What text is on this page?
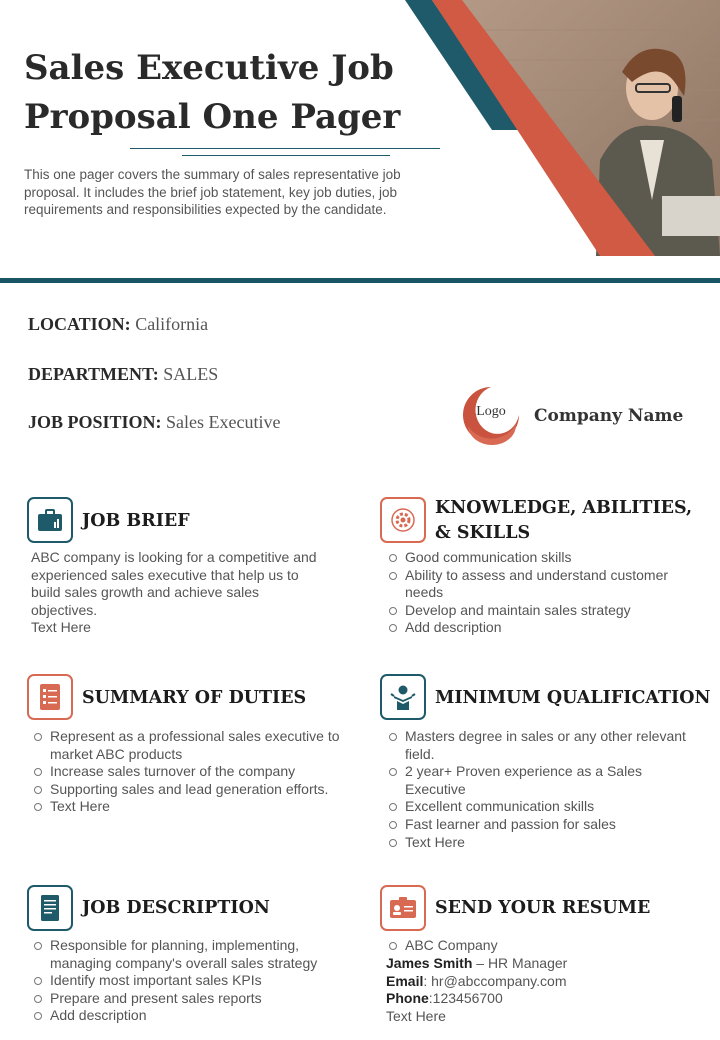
Sales Executive Job
Proposal One Pager

This one pager covers the summary of sales representative job proposal. It includes the brief job statement, key job duties, job requirements and responsibilities expected by the candidate.

LOCATION: California
DEPARTMENT: SALES
JOB POSITION: Sales Executive
Logo Company Name
JOB BRIEF
ABC company is looking for a competitive and
experienced sales executive that help us to
build sales growth and achieve sales
objectives.
Text Here
KNOWLEDGE, ABILITIES,
& SKILLS
Good communication skills
Ability to assess and understand customer needs
Develop and maintain sales strategy
Add description
SUMMARY OF DUTIES
Represent as a professional sales executive to market ABC products
Increase sales turnover of the company
Supporting sales and lead generation efforts.
Text Here
MINIMUM QUALIFICATION
Masters degree in sales or any other relevant field.
2 year+ Proven experience as a Sales Executive
Excellent communication skills
Fast learner and passion for sales
Text Here
JOB DESCRIPTION
Responsible for planning, implementing, managing company's overall sales strategy
Identify most important sales KPIs
Prepare and present sales reports
Add description
SEND YOUR RESUME
ABC Company
James Smith – HR Manager
Email: hr@abccompany.com
Phone:123456700
Text Here
